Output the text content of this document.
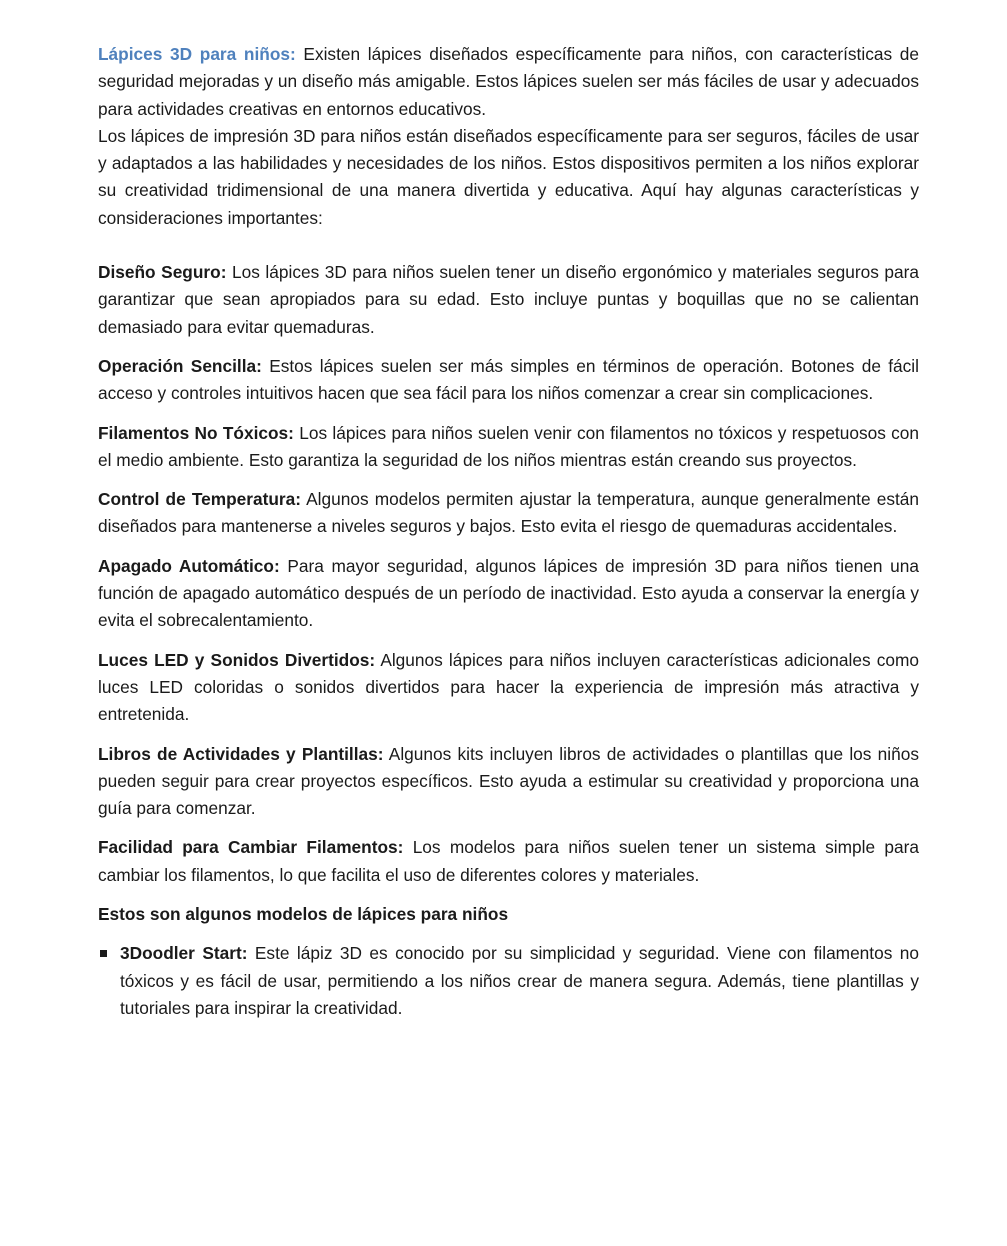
Lápices 3D para niños: Existen lápices diseñados específicamente para niños, con características de seguridad mejoradas y un diseño más amigable. Estos lápices suelen ser más fáciles de usar y adecuados para actividades creativas en entornos educativos.

Los lápices de impresión 3D para niños están diseñados específicamente para ser seguros, fáciles de usar y adaptados a las habilidades y necesidades de los niños. Estos dispositivos permiten a los niños explorar su creatividad tridimensional de una manera divertida y educativa. Aquí hay algunas características y consideraciones importantes:

Diseño Seguro: Los lápices 3D para niños suelen tener un diseño ergonómico y materiales seguros para garantizar que sean apropiados para su edad. Esto incluye puntas y boquillas que no se calientan demasiado para evitar quemaduras.

Operación Sencilla: Estos lápices suelen ser más simples en términos de operación. Botones de fácil acceso y controles intuitivos hacen que sea fácil para los niños comenzar a crear sin complicaciones.

Filamentos No Tóxicos: Los lápices para niños suelen venir con filamentos no tóxicos y respetuosos con el medio ambiente. Esto garantiza la seguridad de los niños mientras están creando sus proyectos.

Control de Temperatura: Algunos modelos permiten ajustar la temperatura, aunque generalmente están diseñados para mantenerse a niveles seguros y bajos. Esto evita el riesgo de quemaduras accidentales.

Apagado Automático: Para mayor seguridad, algunos lápices de impresión 3D para niños tienen una función de apagado automático después de un período de inactividad. Esto ayuda a conservar la energía y evita el sobrecalentamiento.

Luces LED y Sonidos Divertidos: Algunos lápices para niños incluyen características adicionales como luces LED coloridas o sonidos divertidos para hacer la experiencia de impresión más atractiva y entretenida.

Libros de Actividades y Plantillas: Algunos kits incluyen libros de actividades o plantillas que los niños pueden seguir para crear proyectos específicos. Esto ayuda a estimular su creatividad y proporciona una guía para comenzar.

Facilidad para Cambiar Filamentos: Los modelos para niños suelen tener un sistema simple para cambiar los filamentos, lo que facilita el uso de diferentes colores y materiales.

Estos son algunos modelos de lápices para niños

3Doodler Start: Este lápiz 3D es conocido por su simplicidad y seguridad. Viene con filamentos no tóxicos y es fácil de usar, permitiendo a los niños crear de manera segura. Además, tiene plantillas y tutoriales para inspirar la creatividad.
